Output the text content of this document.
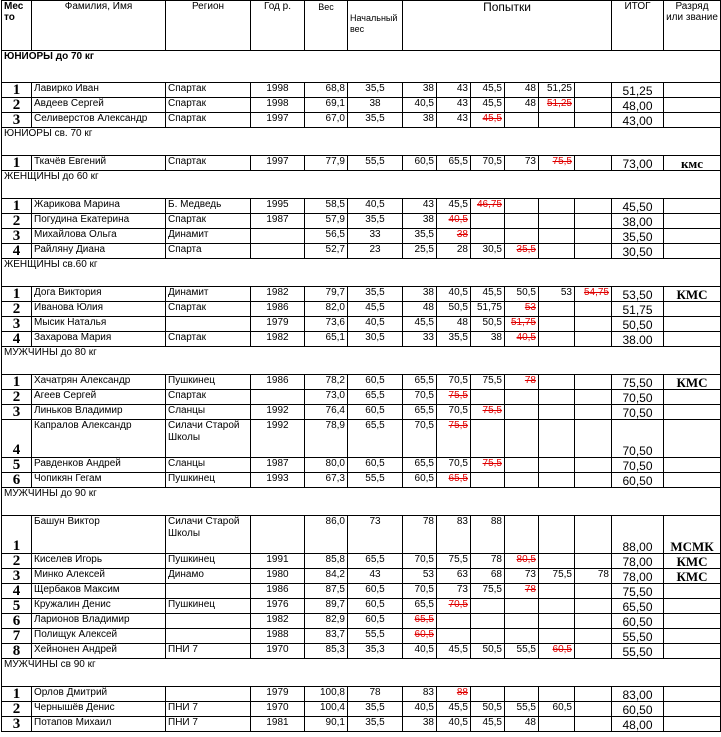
Мес то	Фамилия, Имя	Регион	Год р.	Вес	Начальный вес	Попытки						ИТОГ	Разряд или звание
ЮНИОРЫ до 70 кг													
1	Лавирко Иван	Спартак	1998	68,8	35,5	38	43	45,5	48	51,25		51,25	
2	Авдеев Сергей	Спартак	1998	69,1	38	40,5	43	45,5	48	51,25		48,00	
3	Селиверстов Александр	Спартак	1997	67,0	35,5	38	43	45,5				43,00	
ЮНИОРЫ св. 70 кг													
1	Ткачёв Евгений	Спартак	1997	77,9	55,5	60,5	65,5	70,5	73	75,5		73,00	кмс
ЖЕНЩИНЫ до 60 кг													
1	Жарикова Марина	Б. Медведь	1995	58,5	40,5	43	45,5	46,75				45,50	
2	Погудина Екатерина	Спартак	1987	57,9	35,5	38	40,5					38,00	
3	Михайлова Ольга	Динамит		56,5	33	35,5	38					35,50	
4	Райляну Диана	Спарта		52,7	23	25,5	28	30,5	35,5			30,50	
ЖЕНЩИНЫ св.60 кг													
1	Дога Виктория	Динамит	1982	79,7	35,5	38	40,5	45,5	50,5	53	54,75	53,50	КМС
2	Иванова Юлия	Спартак	1986	82,0	45,5	48	50,5	51,75	53			51,75	
3	Мысик Наталья		1979	73,6	40,5	45,5	48	50,5	51,75			50,50	
4	Захарова Мария	Спартак	1982	65,1	30,5	33	35,5	38	40,5			38.00	
МУЖЧИНЫ до 80 кг													
1	Хачатрян Александр	Пушкинец	1986	78,2	60,5	65,5	70,5	75,5	78			75,50	КМС
2	Агеев Сергей	Спартак		73,0	65,5	70,5	75,5					70,50	
3	Линьков Владимир	Сланцы	1992	76,4	60,5	65,5	70,5	75,5				70,50	
4	Капралов Александр	Силачи Старой Школы	1992	78,9	65,5	70,5	75,5					70,50	
5	Равденков Андрей	Сланцы	1987	80,0	60,5	65,5	70,5	75,5				70,50	
6	Чопикян Гегам	Пушкинец	1993	67,3	55,5	60,5	65,5					60,50	
МУЖЧИНЫ до 90 кг													
1	Башун Виктор	Силачи Старой Школы		86,0	73	78	83	88				88,00	МСМК
2	Киселев Игорь	Пушкинец	1991	85,8	65,5	70,5	75,5	78	80,5			78,00	КМС
3	Минко Алексей	Динамо	1980	84,2	43	53	63	68	73	75,5	78	78,00	КМС
4	Щербаков Максим		1986	87,5	60,5	70,5	73	75,5	78			75,50	
5	Кружалин Денис	Пушкинец	1976	89,7	60,5	65,5	70,5					65,50	
6	Ларионов Владимир		1982	82,9	60,5	65,5						60,50	
7	Полищук Алексей		1988	83,7	55,5	60,5						55,50	
8	Хейнонен Андрей	ПНИ 7	1970	85,3	35,3	40,5	45,5	50,5	55,5	60,5		55,50	
МУЖЧИНЫ св 90 кг													
1	Орлов Дмитрий		1979	100,8	78	83	88					83,00	
2	Чернышёв Денис	ПНИ 7	1970	100,4	35,5	40,5	45,5	50,5	55,5	60,5		60,50	
3	Потапов Михаил	ПНИ 7	1981	90,1	35,5	38	40,5	45,5	48			48,00	
